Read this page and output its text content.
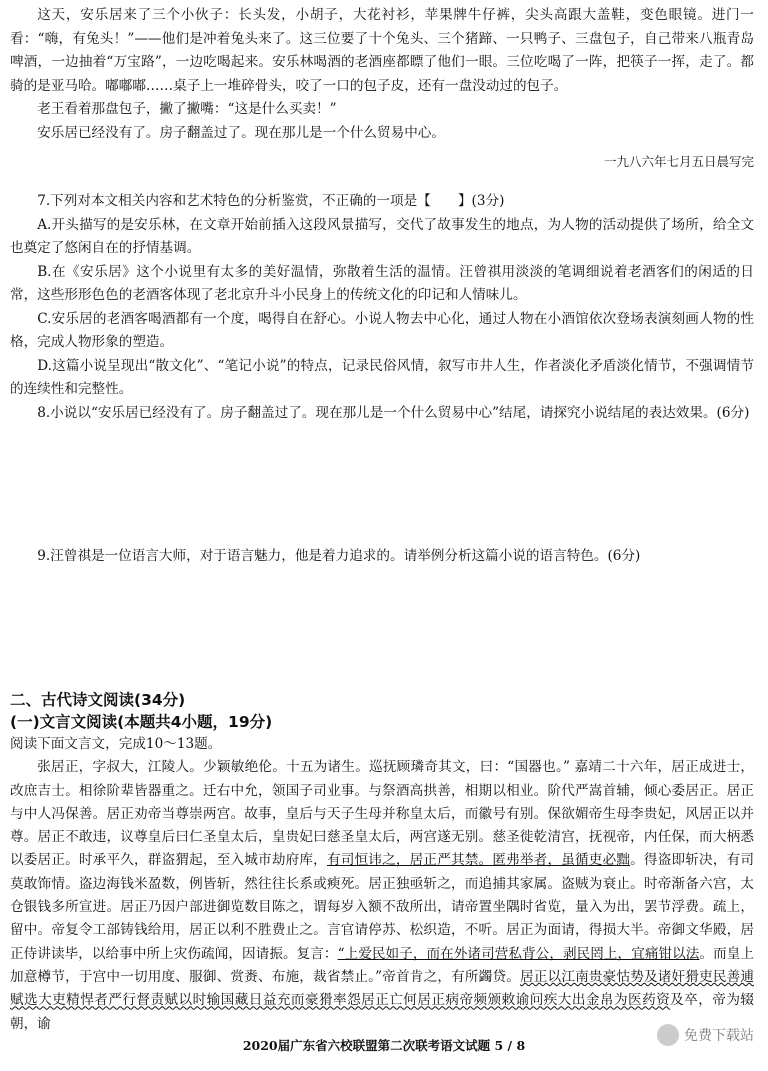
这天，安乐居来了三个小伙子：长头发，小胡子，大花衬衫，苹果牌牛仔裤，尖头高跟大盖鞋，变色眼镜。进门一看：“嗨，有兔头！”——他们是冲着兔头来了。这三位要了十个兔头、三个猪蹄、一只鸭子、三盘包子，自己带来八瓶青岛啤酒，一边抽着“万宝路”，一边吃喝起来。安乐林喝酒的老酒座都瞟了他们一眼。三位吃喝了一阵，把筷子一挥，走了。都骑的是亚马哈。嘟嘟嘟……桌子上一堆碎骨头，咬了一口的包子皮，还有一盘没动过的包子。

老王看着那盘包子，撇了撇嘴：“这是什么买卖！”

安乐居已经没有了。房子翻盖过了。现在那儿是一个什么贸易中心。

一九八六年七月五日晨写完

7.下列对本文相关内容和艺术特色的分析鉴赏，不正确的一项是【　　】(3分)

A.开头描写的是安乐林，在文章开始前插入这段风景描写，交代了故事发生的地点，为人物的活动提供了场所，给全文也奠定了悠闲自在的抒情基调。

B.在《安乐居》这个小说里有太多的美好温情，弥散着生活的温情。汪曾祺用淡淡的笔调细说着老酒客们的闲适的日常，这些形形色色的老酒客体现了老北京升斗小民身上的传统文化的印记和人情味儿。

C.安乐居的老酒客喝酒都有一个度，喝得自在舒心。小说人物去中心化，通过人物在小酒馆依次登场表演刻画人物的性格，完成人物形象的塑造。

D.这篇小说呈现出“散文化”、“笔记小说”的特点，记录民俗风情，叙写市井人生，作者淡化矛盾淡化情节，不强调情节的连续性和完整性。

8.小说以“安乐居已经没有了。房子翻盖过了。现在那儿是一个什么贸易中心”结尾，请探究小说结尾的表达效果。(6分)

9.汪曾祺是一位语言大师，对于语言魅力，他是着力追求的。请举例分析这篇小说的语言特色。(6分)

二、古代诗文阅读(34分)
(一)文言文阅读(本题共4小题，19分)

阅读下面文言文，完成10～13题。

张居正，字叔大，江陵人。少颖敏绝伦。十五为诸生。巡抚顾璘奇其文，曰：“国器也。” 嘉靖二十六年，居正成进士，改庶吉士。相徐阶辈皆器重之。迁右中允，领国子司业事。与祭酒高拱善，相期以相业。阶代严嵩首辅，倾心委居正。居正与中人冯保善。居正劝帝当尊崇两宫。故事，皇后与天子生母并称皇太后，而徽号有别。保欲媚帝生母李贵妃，风居正以并尊。居正不敢违，议尊皇后曰仁圣皇太后，皇贵妃曰慈圣皇太后，两宫遂无别。慈圣徙乾清宫，抚视帝，内任保，而大柄悉以委居正。时承平久，群盗猬起，至入城市劫府库，有司恒讳之，居正严其禁。匿弗举者，虽循吏必黜。得盗即斩决，有司莫敢饰情。盗边海钱米盈数，例皆斩，然往往长系或瘐死。居正独亟斩之，而追捕其家属。盗贼为衰止。时帝渐备六宫，太仓银钱多所宣进。居正乃因户部进御览数目陈之，谓每岁入额不敌所出，请帝置坐隅时省览，量入为出，罢节浮费。疏上，留中。帝复令工部铸钱给用，居正以利不胜费止之。言官请停苏、松织造，不听。居正为面请，得损大半。帝御文华殿，居正侍讲读毕，以给事中所上灾伤疏闻，因请振。复言：“上爱民如子，而在外诸司营私背公，剥民罔上，宜痛钳以法。而皇上加意樽节，于宫中一切用度、服御、赏赉、布施，裁省禁止。”帝首肯之，有所蠲贷。居正以江南贵豪怙势及诸奸猾吏民善逋赋选大吏精悍者严行督责赋以时输国藏日益充而豪猾率怨居正亡何居正病帝频颁敕谕问疾大出金帛为医药资及卒，帝为辍朝，谕

2020届广东省六校联盟第二次联考语文试题 5 / 8
免费下载站
